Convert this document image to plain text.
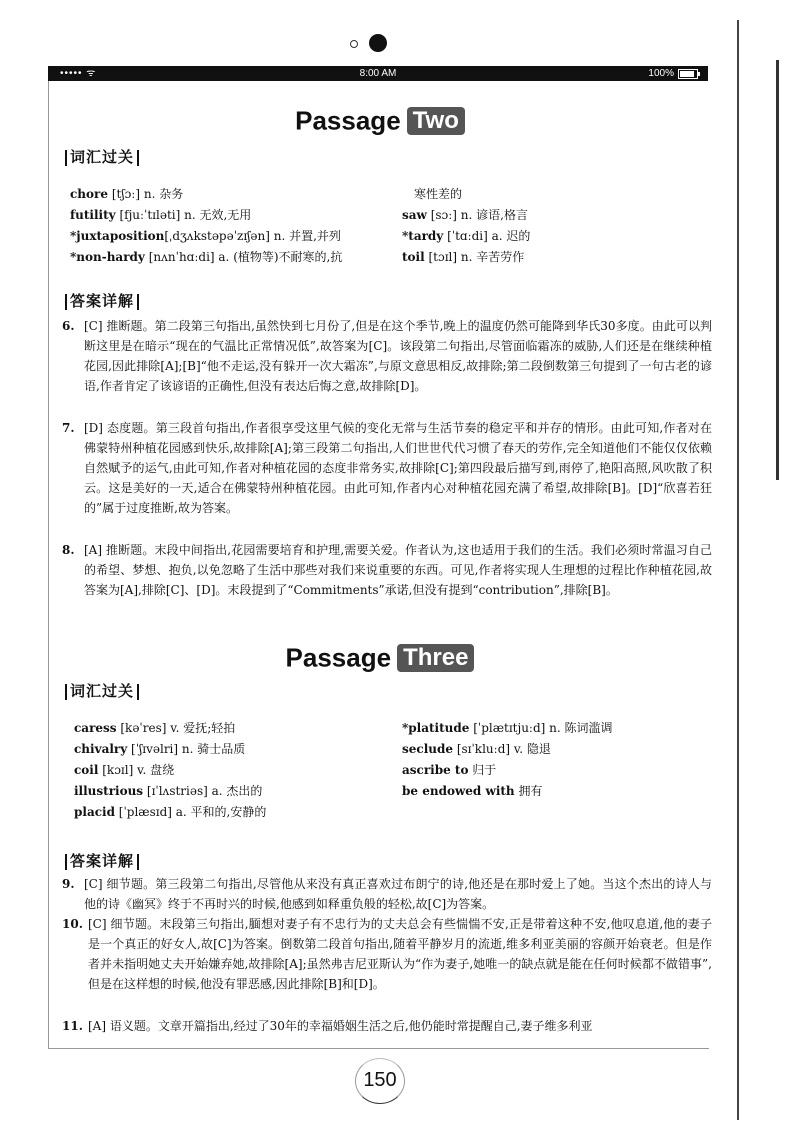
••••• ᯤ	8:00 AM	100%
Passage Two
词汇过关
chore [tʃɔː] n. 杂务
futility [fjuːˈtɪləti] n. 无效,无用
*juxtaposition[ˌdʒʌkstəpəˈzɪʃən] n. 并置,并列
*non-hardy [nʌnˈhɑːdi] a. (植物等)不耐寒的,抗
寒性差的
saw [sɔː] n. 谚语,格言
*tardy [ˈtɑːdi] a. 迟的
toil [tɔɪl] n. 辛苦劳作
答案详解
6. [C] 推断题。第二段第三句指出,虽然快到七月份了,但是在这个季节,晚上的温度仍然可能降到华氏30多度。由此可以判断这里是在暗示“现在的气温比正常情况低”,故答案为[C]。该段第二句指出,尽管面临霜冻的威胁,人们还是在继续种植花园,因此排除[A];[B]“他不走运,没有躲开一次大霜冻”,与原文意思相反,故排除;第二段倒数第三句提到了一句古老的谚语,作者肯定了该谚语的正确性,但没有表达后悔之意,故排除[D]。
7. [D] 态度题。第三段首句指出,作者很享受这里气候的变化无常与生活节奏的稳定平和并存的情形。由此可知,作者对在佛蒙特州种植花园感到快乐,故排除[A];第三段第二句指出,人们世世代代习惯了春天的劳作,完全知道他们不能仅仅依赖自然赋予的运气,由此可知,作者对种植花园的态度非常务实,故排除[C];第四段最后描写到,雨停了,艳阳高照,风吹散了积云。这是美好的一天,适合在佛蒙特州种植花园。由此可知,作者内心对种植花园充满了希望,故排除[B]。[D]“欣喜若狂的”属于过度推断,故为答案。
8. [A] 推断题。末段中间指出,花园需要培育和护理,需要关爱。作者认为,这也适用于我们的生活。我们必须时常温习自己的希望、梦想、抱负,以免忽略了生活中那些对我们来说重要的东西。可见,作者将实现人生理想的过程比作种植花园,故答案为[A],排除[C]、[D]。末段提到了“Commitments”承诺,但没有提到“contribution”,排除[B]。
Passage Three
词汇过关
caress [kəˈres] v. 爱抚;轻拍
chivalry [ˈʃɪvəlri] n. 骑士品质
coil [kɔɪl] v. 盘绕
illustrious [ɪˈlʌstriəs] a. 杰出的
placid [ˈplæsɪd] a. 平和的,安静的
*platitude [ˈplætɪtjuːd] n. 陈词滥调
seclude [sɪˈkluːd] v. 隐退
ascribe to 归于
be endowed with 拥有
答案详解
9. [C] 细节题。第三段第二句指出,尽管他从来没有真正喜欢过布朗宁的诗,他还是在那时爱上了她。当这个杰出的诗人与他的诗《幽冥》终于不再时兴的时候,他感到如释重负般的轻松,故[C]为答案。
10. [C] 细节题。末段第三句指出,腼想对妻子有不忠行为的丈夫总会有些惴惴不安,正是带着这种不安,他叹息道,他的妻子是一个真正的好女人,故[C]为答案。倒数第二段首句指出,随着平静岁月的流逝,维多利亚美丽的容颜开始衰老。但是作者并未指明她丈夫开始嫌弃她,故排除[A];虽然弗吉尼亚斯认为“作为妻子,她唯一的缺点就是能在任何时候都不做错事”,但是在这样想的时候,他没有罪恶感,因此排除[B]和[D]。
11. [A] 语义题。文章开篇指出,经过了30年的幸福婚姻生活之后,他仍能时常提醒自己,妻子维多利亚
150
